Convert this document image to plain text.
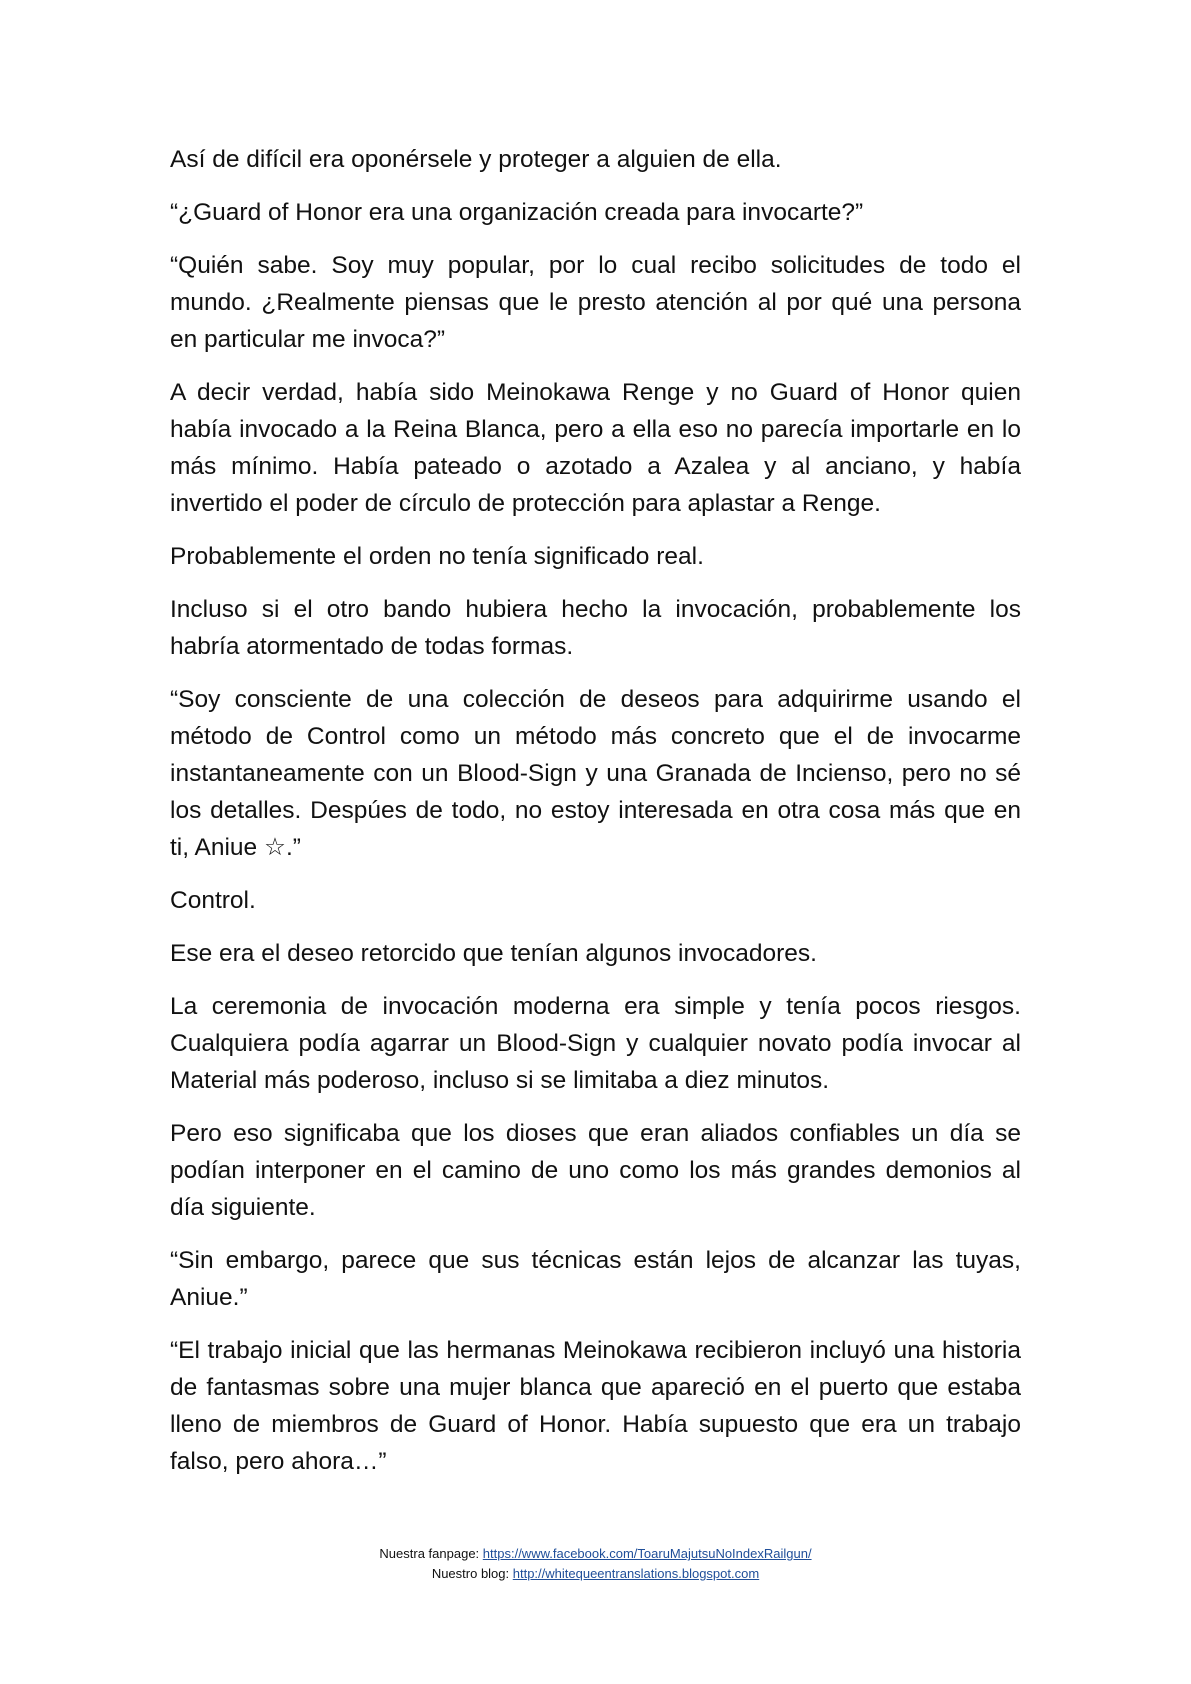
Así de difícil era oponérsele y proteger a alguien de ella.

“¿Guard of Honor era una organización creada para invocarte?”

“Quién sabe. Soy muy popular, por lo cual recibo solicitudes de todo el mundo. ¿Realmente piensas que le presto atención al por qué una persona en particular me invoca?”

A decir verdad, había sido Meinokawa Renge y no Guard of Honor quien había invocado a la Reina Blanca, pero a ella eso no parecía importarle en lo más mínimo. Había pateado o azotado a Azalea y al anciano, y había invertido el poder de círculo de protección para aplastar a Renge.

Probablemente el orden no tenía significado real.

Incluso si el otro bando hubiera hecho la invocación, probablemente los habría atormentado de todas formas.

“Soy consciente de una colección de deseos para adquirirme usando el método de Control como un método más concreto que el de invocarme instantaneamente con un Blood-Sign y una Granada de Incienso, pero no sé los detalles. Despúes de todo, no estoy interesada en otra cosa más que en ti, Aniue ☆.”

Control.

Ese era el deseo retorcido que tenían algunos invocadores.

La ceremonia de invocación moderna era simple y tenía pocos riesgos. Cualquiera podía agarrar un Blood-Sign y cualquier novato podía invocar al Material más poderoso, incluso si se limitaba a diez minutos.

Pero eso significaba que los dioses que eran aliados confiables un día se podían interponer en el camino de uno como los más grandes demonios al día siguiente.

“Sin embargo, parece que sus técnicas están lejos de alcanzar las tuyas, Aniue.”

“El trabajo inicial que las hermanas Meinokawa recibieron incluyó una historia de fantasmas sobre una mujer blanca que apareció en el puerto que estaba lleno de miembros de Guard of Honor. Había supuesto que era un trabajo falso, pero ahora…”

Nuestra fanpage: https://www.facebook.com/ToaruMajutsuNoIndexRailgun/
Nuestro blog: http://whitequeentranslations.blogspot.com
